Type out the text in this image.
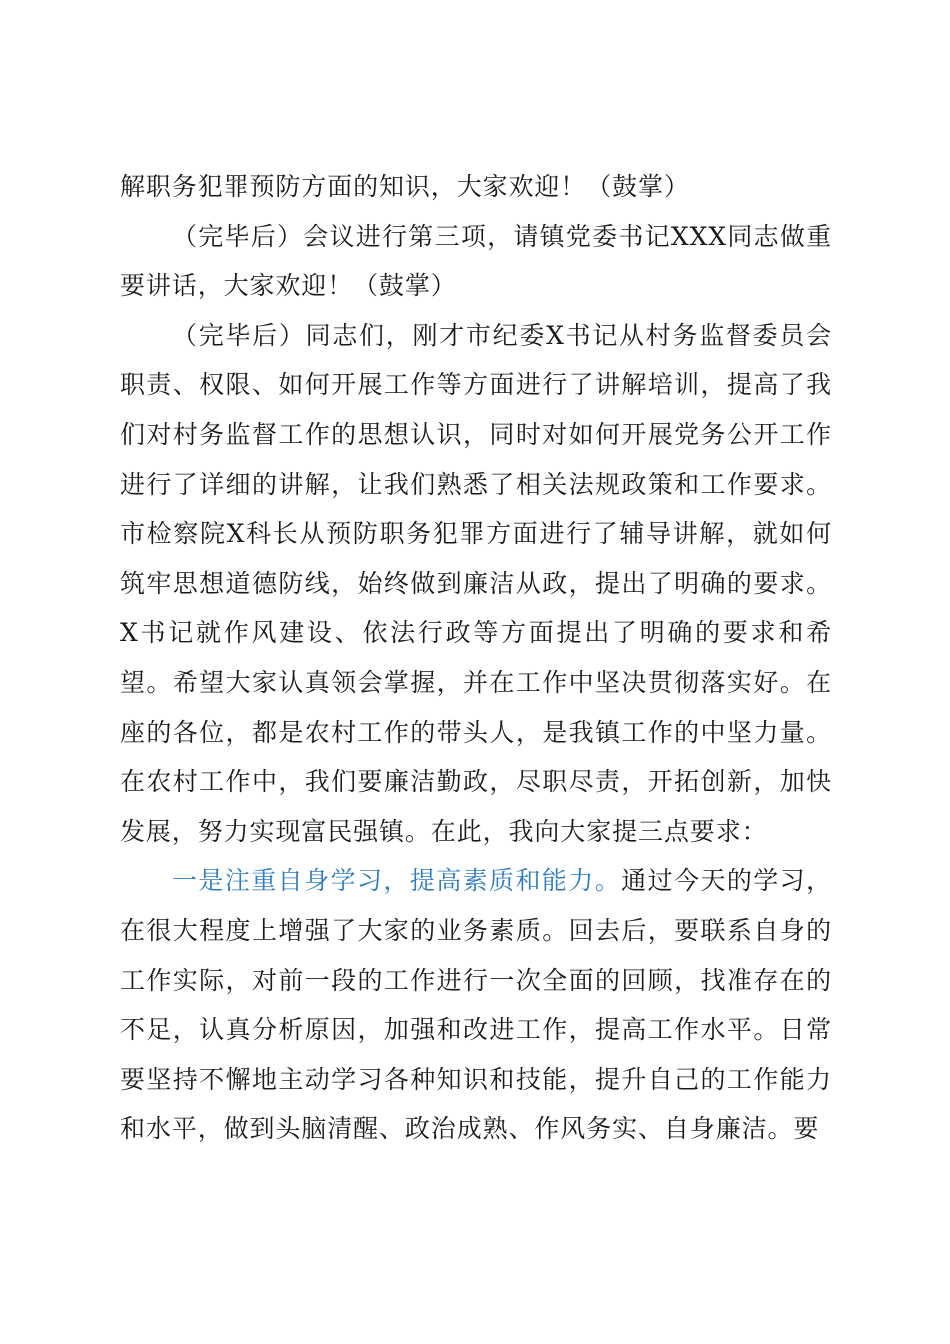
解职务犯罪预防方面的知识，大家欢迎！（鼓掌）

（完毕后）会议进行第三项，请镇党委书记XXX同志做重要讲话，大家欢迎！（鼓掌）

（完毕后）同志们，刚才市纪委X书记从村务监督委员会职责、权限、如何开展工作等方面进行了讲解培训，提高了我们对村务监督工作的思想认识，同时对如何开展党务公开工作进行了详细的讲解，让我们熟悉了相关法规政策和工作要求。市检察院X科长从预防职务犯罪方面进行了辅导讲解，就如何筑牢思想道德防线，始终做到廉洁从政，提出了明确的要求。X书记就作风建设、依法行政等方面提出了明确的要求和希望。希望大家认真领会掌握，并在工作中坚决贯彻落实好。在座的各位，都是农村工作的带头人，是我镇工作的中坚力量。在农村工作中，我们要廉洁勤政，尽职尽责，开拓创新，加快发展，努力实现富民强镇。在此，我向大家提三点要求：

一是注重自身学习，提高素质和能力。通过今天的学习，在很大程度上增强了大家的业务素质。回去后，要联系自身的工作实际，对前一段的工作进行一次全面的回顾，找准存在的不足，认真分析原因，加强和改进工作，提高工作水平。日常要坚持不懈地主动学习各种知识和技能，提升自己的工作能力和水平，做到头脑清醒、政治成熟、作风务实、自身廉洁。要
